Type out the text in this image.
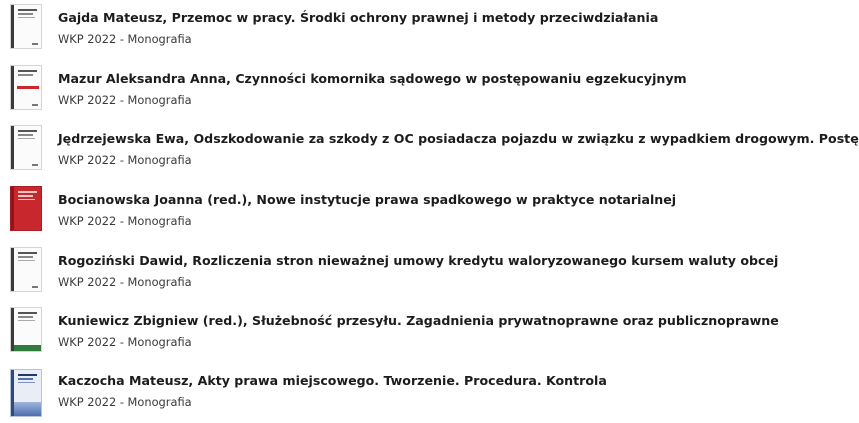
Gajda Mateusz, Przemoc w pracy. Środki ochrony prawnej i metody przeciwdziałania
WKP 2022 - Monografia
Mazur Aleksandra Anna, Czynności komornika sądowego w postępowaniu egzekucyjnym
WKP 2022 - Monografia
Jędrzejewska Ewa, Odszkodowanie za szkody z OC posiadacza pojazdu w związku z wypadkiem drogowym. Postę
WKP 2022 - Monografia
Bocianowska Joanna (red.), Nowe instytucje prawa spadkowego w praktyce notarialnej
WKP 2022 - Monografia
Rogoziński Dawid, Rozliczenia stron nieważnej umowy kredytu waloryzowanego kursem waluty obcej
WKP 2022 - Monografia
Kuniewicz Zbigniew (red.), Służebność przesyłu. Zagadnienia prywatnoprawne oraz publicznoprawne
WKP 2022 - Monografia
Kaczocha Mateusz, Akty prawa miejscowego. Tworzenie. Procedura. Kontrola
WKP 2022 - Monografia
